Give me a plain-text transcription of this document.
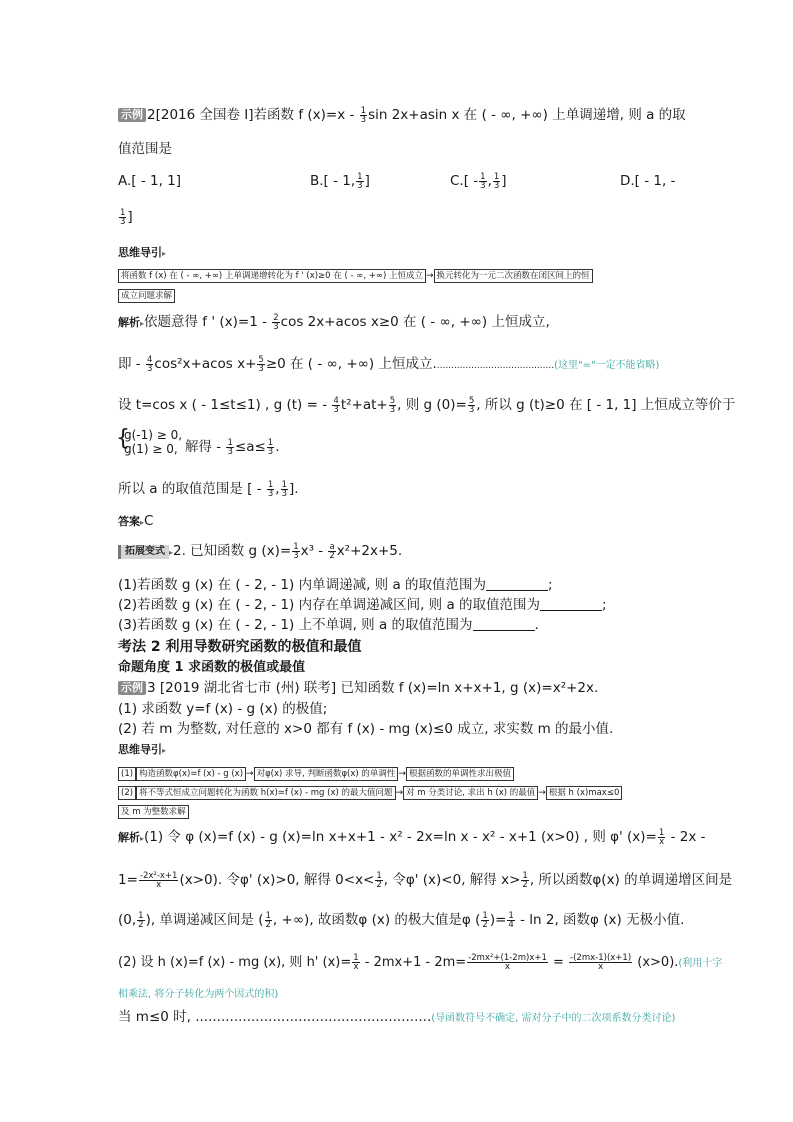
示例 2[2016 全国卷 Ⅰ]若函数 f $(x)=x - \frac{1}{3}$ sin 2x+asin x 在 ( - ∞, +∞) 上单调递增, 则 a 的取
值范围是
A.[ - 1, 1]	B.[ - 1, $\frac{1}{3}$ ]	$C.[ - \frac{1}{3}$ , $\frac{1}{3}$ ]	D.[ - 1, -
$\frac{1}{3}$ ]
思维导引▸
将函数 f (x) 在 ( - ∞, +∞) 上单调递增转化为 f ' (x)≥0 在 ( - ∞, +∞) 上恒成立 → 换元转化为一元二次函数在闭区间上的恒
成立问题求解
解析▸依题意得 f ' $(x)=1 - \frac{2}{3}$ cos 2x+acos x≥0 在 ( - ∞, +∞) 上恒成立,
即 - $\frac{4}{3} \cos^2x+acos$ $x+ \frac{5}{3} \ge 0$ 在 ( - ∞, +∞) 上恒成立..........................................(这里"="一定不能省略)
设 t=cos x ( - 1≤t≤1) , g (t) = - $\frac{4}{3} t^2+at+ \frac{5}{3}$ , 则 g $(0)= \frac{5}{3}$ , 所以 g (t)≥0 在 [ - 1, 1] 上恒成立等价于
{
g(-1) ≥ 0,
g(1) ≥ 0, 解得 - $\frac{1}{3} \le a\le \frac{1}{3}$ .
所以 a 的取值范围是 [ - $\frac{1}{3}$ , $\frac{1}{3}$ ].
答案▸C
拓展变式 ▸2. 已知函数 g $(x)= \frac{1}{3} x^3 - \frac{a}{2} x^2+2x+5$.
(1)若函数 g (x) 在 ( - 2, - 1) 内单调递减, 则 a 的取值范围为	;
(2)若函数 g (x) 在 ( - 2, - 1) 内存在单调递减区间, 则 a 的取值范围为	;
(3)若函数 g (x) 在 ( - 2, - 1) 上不单调, 则 a 的取值范围为	.
考法 2 利用导数研究函数的极值和最值
命题角度 1 求函数的极值或最值
示例 3 [2019 湖北省七市 (州) 联考] 已知函数 f (x)=ln x+x+1, g (x)=x²+2x.
(1) 求函数 y=f (x) - g (x) 的极值;
(2) 若 m 为整数, 对任意的 x>0 都有 f (x) - mg (x)≤0 成立, 求实数 m 的最小值.
思维导引▸
(1) 构造函数φ(x)=f (x) - g (x) → 对φ(x) 求导, 判断函数φ(x) 的单调性 → 根据函数的单调性求出极值
(2) 将不等式恒成立问题转化为函数 h(x)=f (x) - mg (x) 的最大值问题 → 对 m 分类讨论, 求出 h (x) 的最值 → 根据 h (x)max≤0
及 m 为整数求解
解析▸(1) 令 φ (x)=f (x) - g (x)=ln x+x+1 - x² - 2x=ln x - x² - x+1 (x>0) , 则 φ' $(x)= \frac{1}{x} - 2x$ -
$1= \frac{\text{-2x²-x+1}}{x} (x>0)$. 令φ' (x)>0, 解得 $0<x< \frac{1}{2}$ , 令φ' (x)<0, 解得 $x> \frac{1}{2}$ , 所以函数φ(x) 的单调递增区间是
(0, $\frac{1}{2}$ ), 单调递减区间是 ( $\frac{1}{2}$ , +∞), 故函数φ (x) 的极大值是φ ( $\frac{1}{2}$ )= $\frac{1}{4}$ - ln 2, 函数φ (x) 无极小值.
(2) 设 h (x)=f (x) - mg (x), 则 h' $(x)= \frac{1}{x} - 2mx+1 - 2m= \frac{\text{-2mx²+(1-2m)x+1}}{x} = \frac{-(2mx-1)(x+1)}{x} (x>0)$.(利用十字
相乘法, 将分子转化为两个因式的积)
当 m≤0 时, .......................................................(导函数符号不确定, 需对分子中的二次项系数分类讨论)
